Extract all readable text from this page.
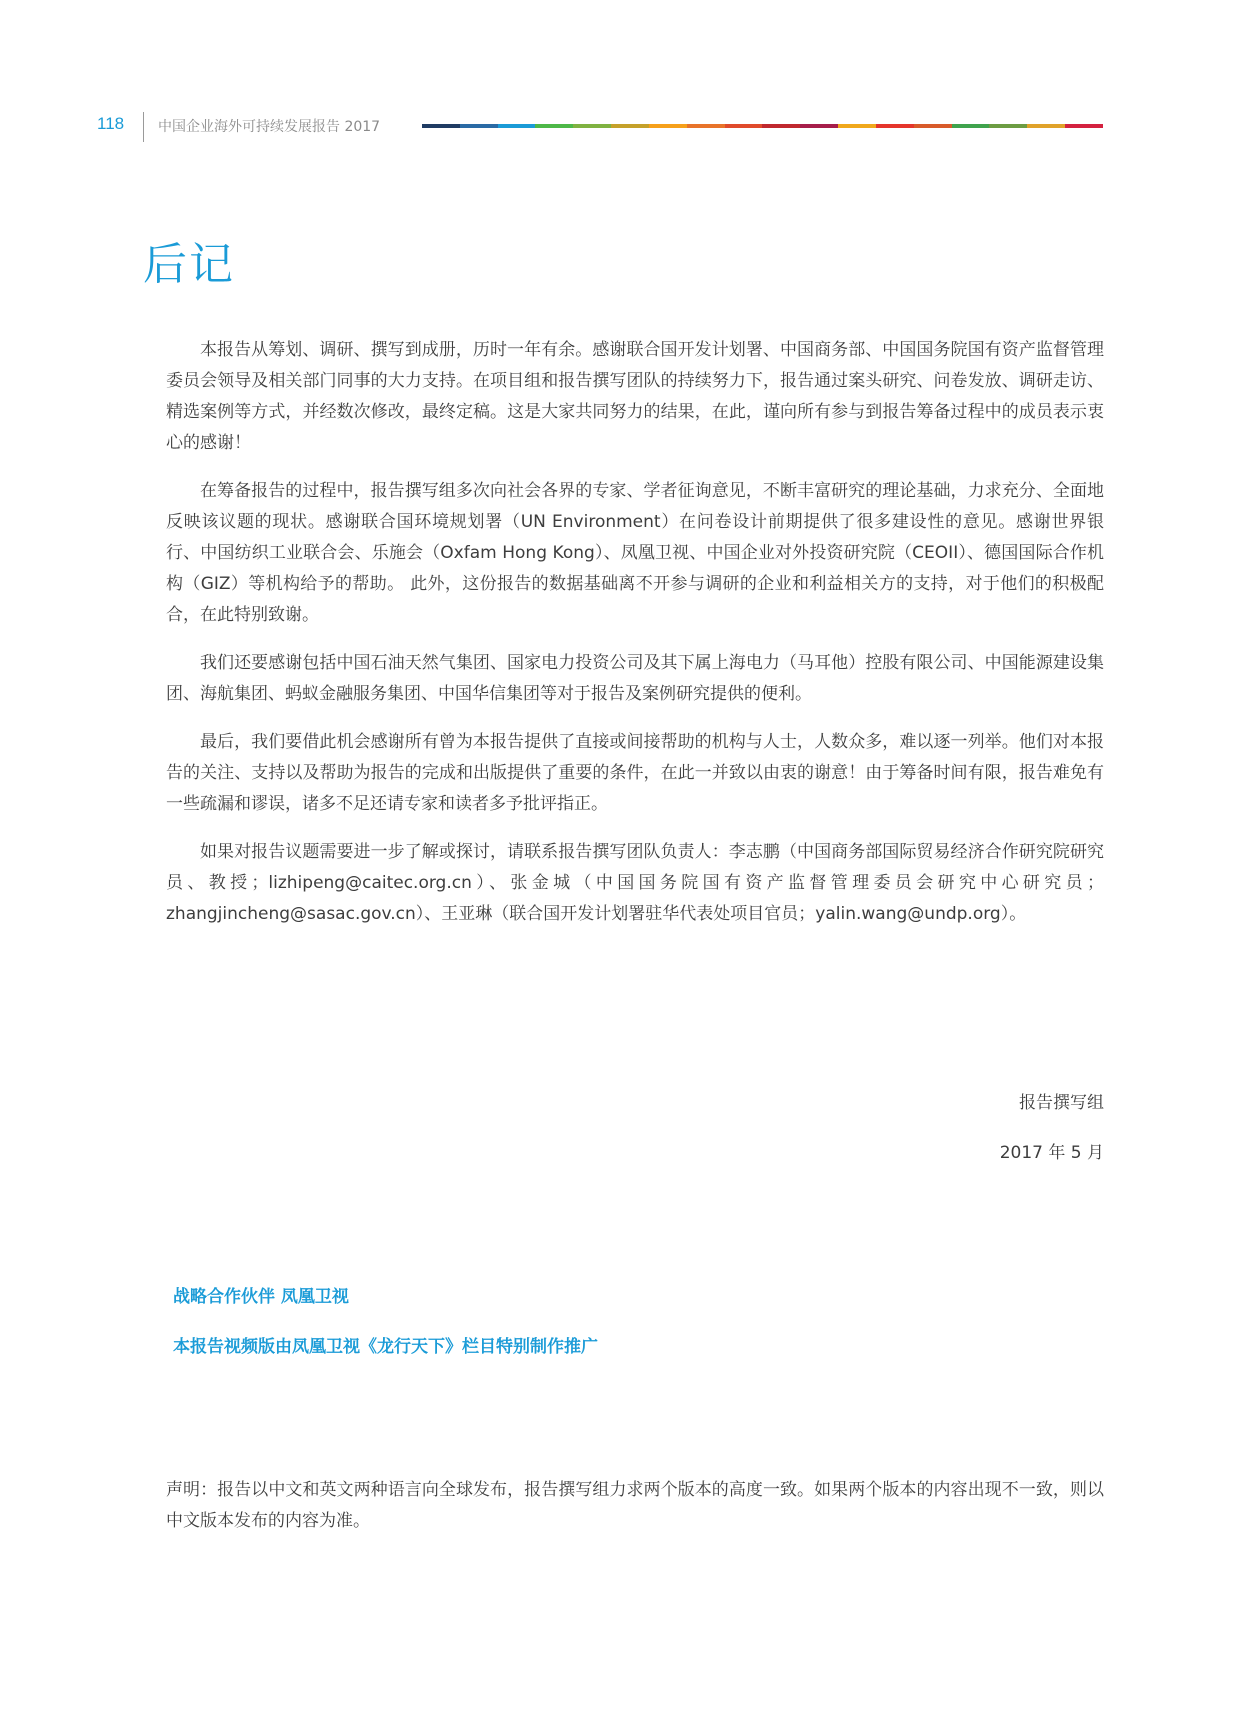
118 中国企业海外可持续发展报告 2017
后记

本报告从筹划、调研、撰写到成册，历时一年有余。感谢联合国开发计划署、中国商务部、中国国务院国有资产监督管理委员会领导及相关部门同事的大力支持。在项目组和报告撰写团队的持续努力下，报告通过案头研究、问卷发放、调研走访、精选案例等方式，并经数次修改，最终定稿。这是大家共同努力的结果，在此，谨向所有参与到报告筹备过程中的成员表示衷心的感谢！

在筹备报告的过程中，报告撰写组多次向社会各界的专家、学者征询意见，不断丰富研究的理论基础，力求充分、全面地反映该议题的现状。感谢联合国环境规划署（UN Environment）在问卷设计前期提供了很多建设性的意见。感谢世界银行、中国纺织工业联合会、乐施会（Oxfam Hong Kong）、凤凰卫视、中国企业对外投资研究院（CEOII）、德国国际合作机构（GIZ）等机构给予的帮助。 此外，这份报告的数据基础离不开参与调研的企业和利益相关方的支持，对于他们的积极配合，在此特别致谢。

我们还要感谢包括中国石油天然气集团、国家电力投资公司及其下属上海电力（马耳他）控股有限公司、中国能源建设集团、海航集团、蚂蚁金融服务集团、中国华信集团等对于报告及案例研究提供的便利。

最后，我们要借此机会感谢所有曾为本报告提供了直接或间接帮助的机构与人士，人数众多，难以逐一列举。他们对本报告的关注、支持以及帮助为报告的完成和出版提供了重要的条件，在此一并致以由衷的谢意！由于筹备时间有限，报告难免有一些疏漏和谬误，诸多不足还请专家和读者多予批评指正。

如果对报告议题需要进一步了解或探讨，请联系报告撰写团队负责人：李志鹏（中国商务部国际贸易经济合作研究院研究员、教授；lizhipeng@caitec.org.cn）、张金城（中国国务院国有资产监督管理委员会研究中心研究员；zhangjincheng@sasac.gov.cn）、王亚琳（联合国开发计划署驻华代表处项目官员；yalin.wang@undp.org）。

报告撰写组
2017 年 5 月
战略合作伙伴 凤凰卫视
本报告视频版由凤凰卫视《龙行天下》栏目特别制作推广
声明：报告以中文和英文两种语言向全球发布，报告撰写组力求两个版本的高度一致。如果两个版本的内容出现不一致，则以中文版本发布的内容为准。
